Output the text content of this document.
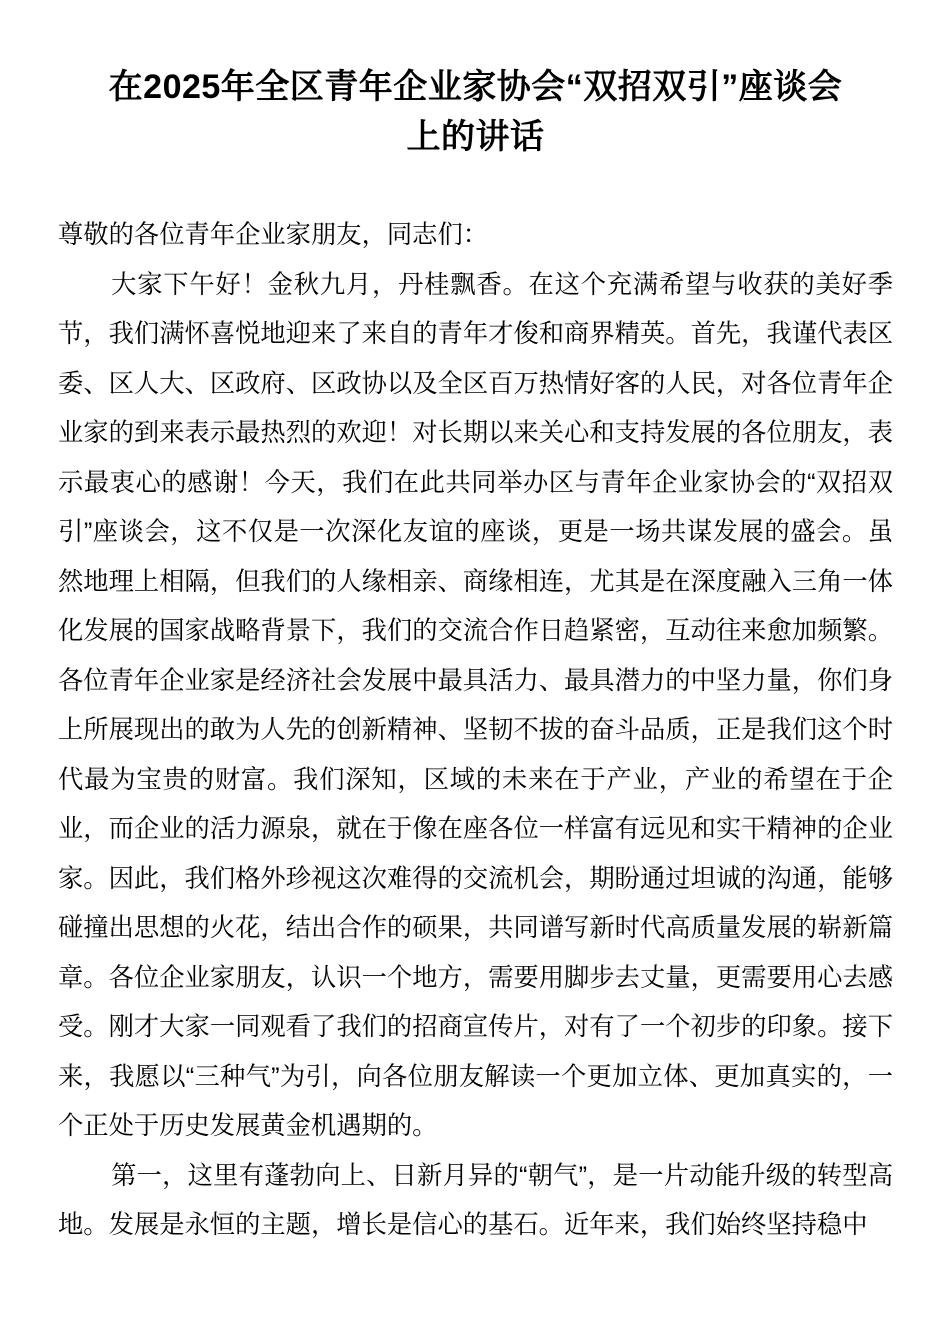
在2025年全区青年企业家协会“双招双引”座谈会
上的讲话

尊敬的各位青年企业家朋友，同志们：

大家下午好！金秋九月，丹桂飘香。在这个充满希望与收获的美好季节，我们满怀喜悦地迎来了来自的青年才俊和商界精英。首先，我谨代表区委、区人大、区政府、区政协以及全区百万热情好客的人民，对各位青年企业家的到来表示最热烈的欢迎！对长期以来关心和支持发展的各位朋友，表示最衷心的感谢！今天，我们在此共同举办区与青年企业家协会的“双招双引”座谈会，这不仅是一次深化友谊的座谈，更是一场共谋发展的盛会。虽然地理上相隔，但我们的人缘相亲、商缘相连，尤其是在深度融入三角一体化发展的国家战略背景下，我们的交流合作日趋紧密，互动往来愈加频繁。各位青年企业家是经济社会发展中最具活力、最具潜力的中坚力量，你们身上所展现出的敢为人先的创新精神、坚韧不拔的奋斗品质，正是我们这个时代最为宝贵的财富。我们深知，区域的未来在于产业，产业的希望在于企业，而企业的活力源泉，就在于像在座各位一样富有远见和实干精神的企业家。因此，我们格外珍视这次难得的交流机会，期盼通过坦诚的沟通，能够碰撞出思想的火花，结出合作的硕果，共同谱写新时代高质量发展的崭新篇章。各位企业家朋友，认识一个地方，需要用脚步去丈量，更需要用心去感受。刚才大家一同观看了我们的招商宣传片，对有了一个初步的印象。接下来，我愿以“三种气”为引，向各位朋友解读一个更加立体、更加真实的，一个正处于历史发展黄金机遇期的。

第一，这里有蓬勃向上、日新月异的“朝气”，是一片动能升级的转型高地。发展是永恒的主题，增长是信心的基石。近年来，我们始终坚持稳中
